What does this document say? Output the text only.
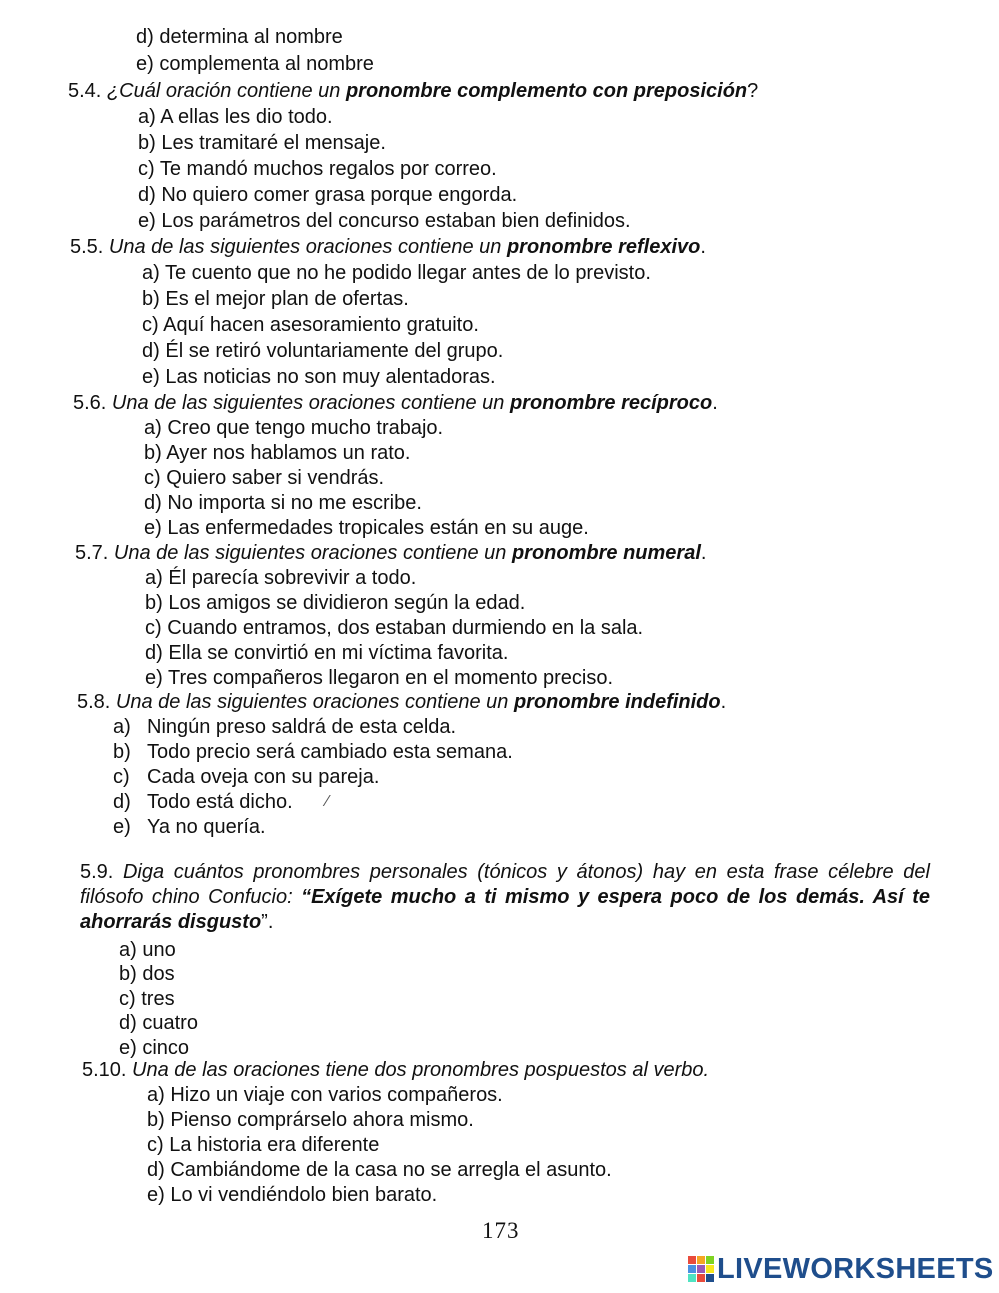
d) determina al nombre
e) complementa al nombre
5.4. ¿Cuál oración contiene un pronombre complemento con preposición?
a) A ellas les dio todo.
b) Les tramitaré el mensaje.
c) Te mandó muchos regalos por correo.
d) No quiero comer grasa porque engorda.
e) Los parámetros del concurso estaban bien definidos.
5.5. Una de las siguientes oraciones contiene un pronombre reflexivo.
a) Te cuento que no he podido llegar antes de lo previsto.
b) Es el mejor plan de ofertas.
c) Aquí hacen asesoramiento gratuito.
d) Él se retiró voluntariamente del grupo.
e) Las noticias no son muy alentadoras.
5.6. Una de las siguientes oraciones contiene un pronombre recíproco.
a) Creo que tengo mucho trabajo.
b) Ayer nos hablamos un rato.
c) Quiero saber si vendrás.
d) No importa si no me escribe.
e) Las enfermedades tropicales están en su auge.
5.7. Una de las siguientes oraciones contiene un pronombre numeral.
a) Él parecía sobrevivir a todo.
b) Los amigos se dividieron según la edad.
c) Cuando entramos, dos estaban durmiendo en la sala.
d) Ella se convirtió en mi víctima favorita.
e) Tres compañeros llegaron en el momento preciso.
5.8. Una de las siguientes oraciones contiene un pronombre indefinido.
a) Ningún preso saldrá de esta celda.
b) Todo precio será cambiado esta semana.
c) Cada oveja con su pareja.
d) Todo está dicho. ⁄
e) Ya no quería.
5.9. Diga cuántos pronombres personales (tónicos y átonos) hay en esta frase célebre del filósofo chino Confucio: “Exígete mucho a ti mismo y espera poco de los demás. Así te ahorrarás disgusto”.
a) uno
b) dos
c) tres
d) cuatro
e) cinco
5.10. Una de las oraciones tiene dos pronombres pospuestos al verbo.
a) Hizo un viaje con varios compañeros.
b) Pienso comprárselo ahora mismo.
c) La historia era diferente
d) Cambiándome de la casa no se arregla el asunto.
e) Lo vi vendiéndolo bien barato.
173
LIVEWORKSHEETS
